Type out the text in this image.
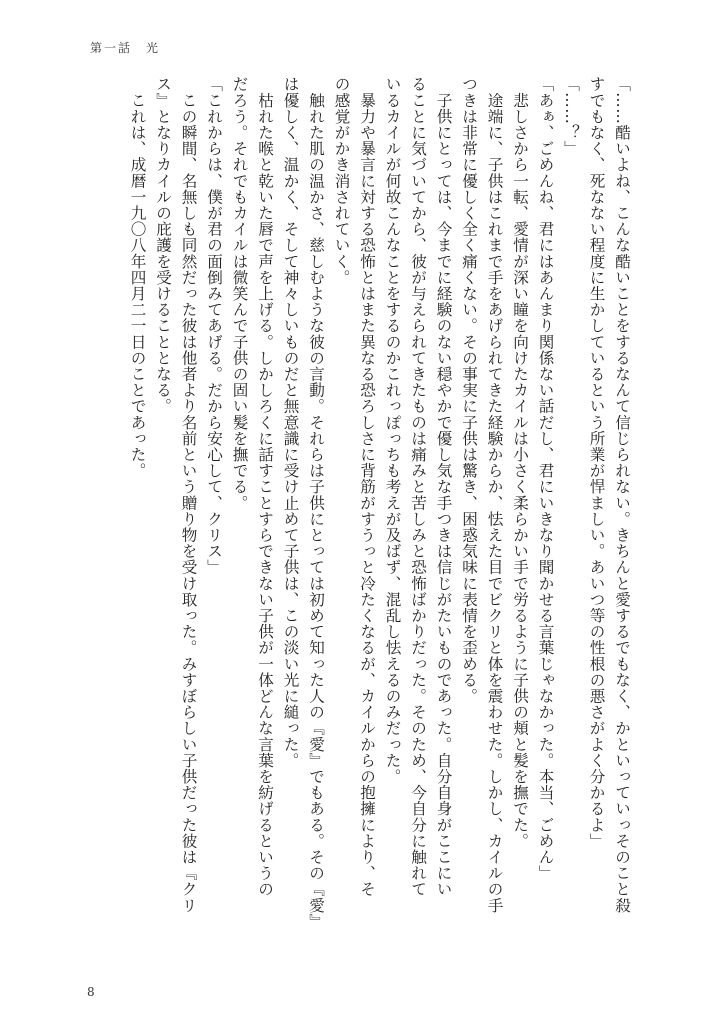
第一話　光

「……酷いよね、こんな酷いことをするなんて信じられない。きちんと愛するでもなく、かといっていっそのこと殺

すでもなく、死なない程度に生かしているという所業が悍ましい。あいつ等の性根の悪さがよく分かるよ」

「……？」

「あぁ、ごめんね、君にはあんまり関係ない話だし、君にいきなり聞かせる言葉じゃなかった。本当、ごめん」

　悲しさから一転、愛情が深い瞳を向けたカイルは小さく柔らかい手で労るように子供の頬と髪を撫でた。

　途端に、子供はこれまで手をあげられてきた経験からか、怯えた目でビクリと体を震わせた。しかし、カイルの手

つきは非常に優しく全く痛くない。その事実に子供は驚き、困惑気味に表情を歪める。

　子供にとっては、今までに経験のない穏やかで優し気な手つきは信じがたいものであった。自分自身がここにい

ることに気づいてから、彼が与えられてきたものは痛みと苦しみと恐怖ばかりだった。そのため、今自分に触れて

いるカイルが何故こんなことをするのかこれっぽっちも考えが及ばず、混乱し怯えるのみだった。

　暴力や暴言に対する恐怖とはまた異なる恐ろしさに背筋がすうっと冷たくなるが、カイルからの抱擁により、そ

の感覚がかき消されていく。

　触れた肌の温かさ、慈しむような彼の言動。それらは子供にとっては初めて知った人の『愛』でもある。その『愛』

は優しく、温かく、そして神々しいものだと無意識に受け止めて子供は、この淡い光に縋った。

　枯れた喉と乾いた唇で声を上げる。しかしろくに話すことすらできない子供が一体どんな言葉を紡げるというの

だろう。それでもカイルは微笑んで子供の固い髪を撫でる。

「これからは、僕が君の面倒みてあげる。だから安心して、クリス」

　この瞬間、名無しも同然だった彼は他者より名前という贈り物を受け取った。みすぼらしい子供だった彼は『クリ

ス』となりカイルの庇護を受けることとなる。

　これは、成暦一九〇八年四月二一日のことであった。

8
